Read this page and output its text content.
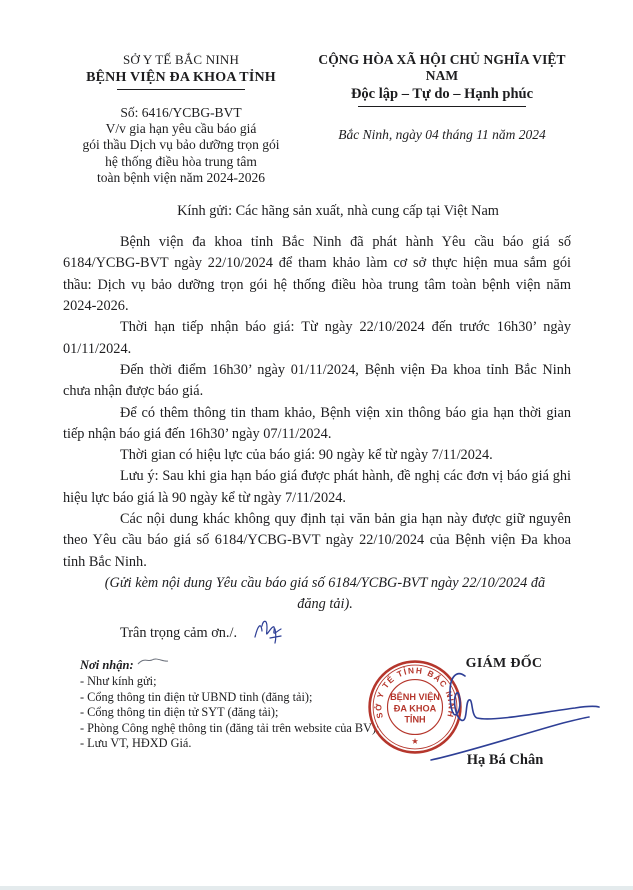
SỞ Y TẾ BẮC NINH
BỆNH VIỆN ĐA KHOA TỈNH
Số: 6416/YCBG-BVT
V/v gia hạn yêu cầu báo giá
gói thầu Dịch vụ bảo dưỡng trọn gói
hệ thống điều hòa trung tâm
toàn bệnh viện năm 2024-2026
CỘNG HÒA XÃ HỘI CHỦ NGHĨA VIỆT NAM
Độc lập – Tự do – Hạnh phúc
Bắc Ninh, ngày 04 tháng 11 năm 2024
Kính gửi: Các hãng sản xuất, nhà cung cấp tại Việt Nam

Bệnh viện đa khoa tỉnh Bắc Ninh đã phát hành Yêu cầu báo giá số 6184/YCBG-BVT ngày 22/10/2024 để tham khảo làm cơ sở thực hiện mua sắm gói thầu: Dịch vụ bảo dưỡng trọn gói hệ thống điều hòa trung tâm toàn bệnh viện năm 2024-2026.

Thời hạn tiếp nhận báo giá: Từ ngày 22/10/2024 đến trước 16h30’ ngày 01/11/2024.

Đến thời điểm 16h30’ ngày 01/11/2024, Bệnh viện Đa khoa tỉnh Bắc Ninh chưa nhận được báo giá.

Để có thêm thông tin tham khảo, Bệnh viện xin thông báo gia hạn thời gian tiếp nhận báo giá đến 16h30’ ngày 07/11/2024.

Thời gian có hiệu lực của báo giá: 90 ngày kể từ ngày 7/11/2024.

Lưu ý: Sau khi gia hạn báo giá được phát hành, đề nghị các đơn vị báo giá ghi hiệu lực báo giá là 90 ngày kể từ ngày 7/11/2024.

Các nội dung khác không quy định tại văn bản gia hạn này được giữ nguyên theo Yêu cầu báo giá số 6184/YCBG-BVT ngày 22/10/2024 của Bệnh viện Đa khoa tỉnh Bắc Ninh.

(Gửi kèm nội dung Yêu cầu báo giá số 6184/YCBG-BVT ngày 22/10/2024 đã đăng tải).

Trân trọng cảm ơn./.
Nơi nhận:
- Như kính gửi;
- Cổng thông tin điện tử UBND tỉnh (đăng tải);
- Cổng thông tin điện tử SYT (đăng tải);
- Phòng Công nghệ thông tin (đăng tải trên website của BV);
- Lưu VT, HĐXD Giá.
GIÁM ĐỐC
SỞ Y TẾ TỈNH BẮC NINH
BỆNH VIỆN
ĐA KHOA
TỈNH
★
Hạ Bá Chân
